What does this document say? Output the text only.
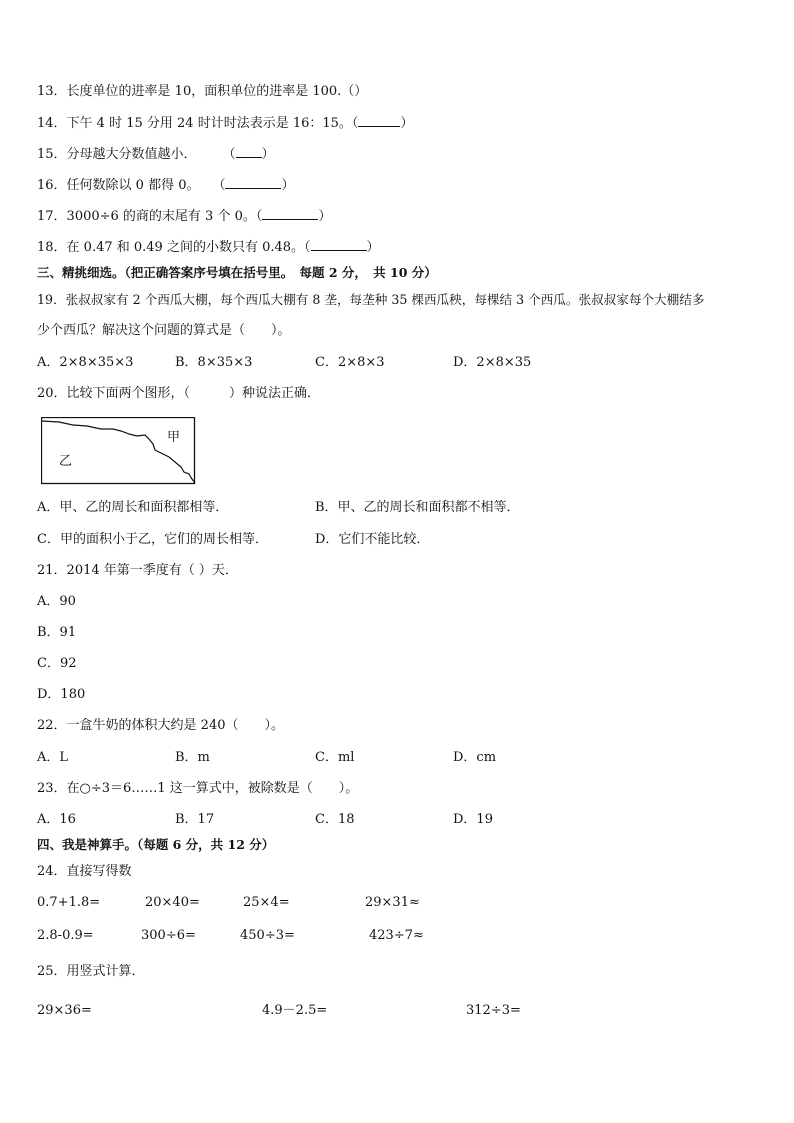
13．长度单位的进率是 10，面积单位的进率是 100.（）
14．下午 4 时 15 分用 24 时计时法表示是 16：15。（	）
15．分母越大分数值越小．　　　（ ）
16．任何数除以 0 都得 0。　　（	）
17．3000÷6 的商的末尾有 3 个 0。（	）
18．在 0.47 和 0.49 之间的小数只有 0.48。（	）
三、精挑细选。（把正确答案序号填在括号里。　每题 2 分，　共 10 分）
19．张叔叔家有 2 个西瓜大棚，每个西瓜大棚有 8 垄，每垄种 35 棵西瓜秧，每棵结 3 个西瓜。张叔叔家每个大棚结多
少个西瓜？解决这个问题的算式是（　　）。
A．2×8×35×3	B．8×35×3	C．2×8×3	D．2×8×35
20．比较下面两个图形，（　　　）种说法正确．
甲
乙
A．甲、乙的周长和面积都相等．	B．甲、乙的周长和面积都不相等．
C．甲的面积小于乙，它们的周长相等．	D．它们不能比较．
21．2014 年第一季度有（ ）天．
A．90
B．91
C．92
D．180
22．一盒牛奶的体积大约是 240（　　）。
A．L	B．m	C．ml	D．cm
23．在○÷3＝6……1 这一算式中，被除数是（　　）。
A．16	B．17	C．18	D．19
四、我是神算手。（每题 6 分，共 12 分）
24．直接写得数
0.7+1.8=	20×40=	25×4=	29×31≈
2.8-0.9=	300÷6=	450÷3=	423÷7≈
25．用竖式计算．
29×36=	4.9－2.5=	312÷3=
